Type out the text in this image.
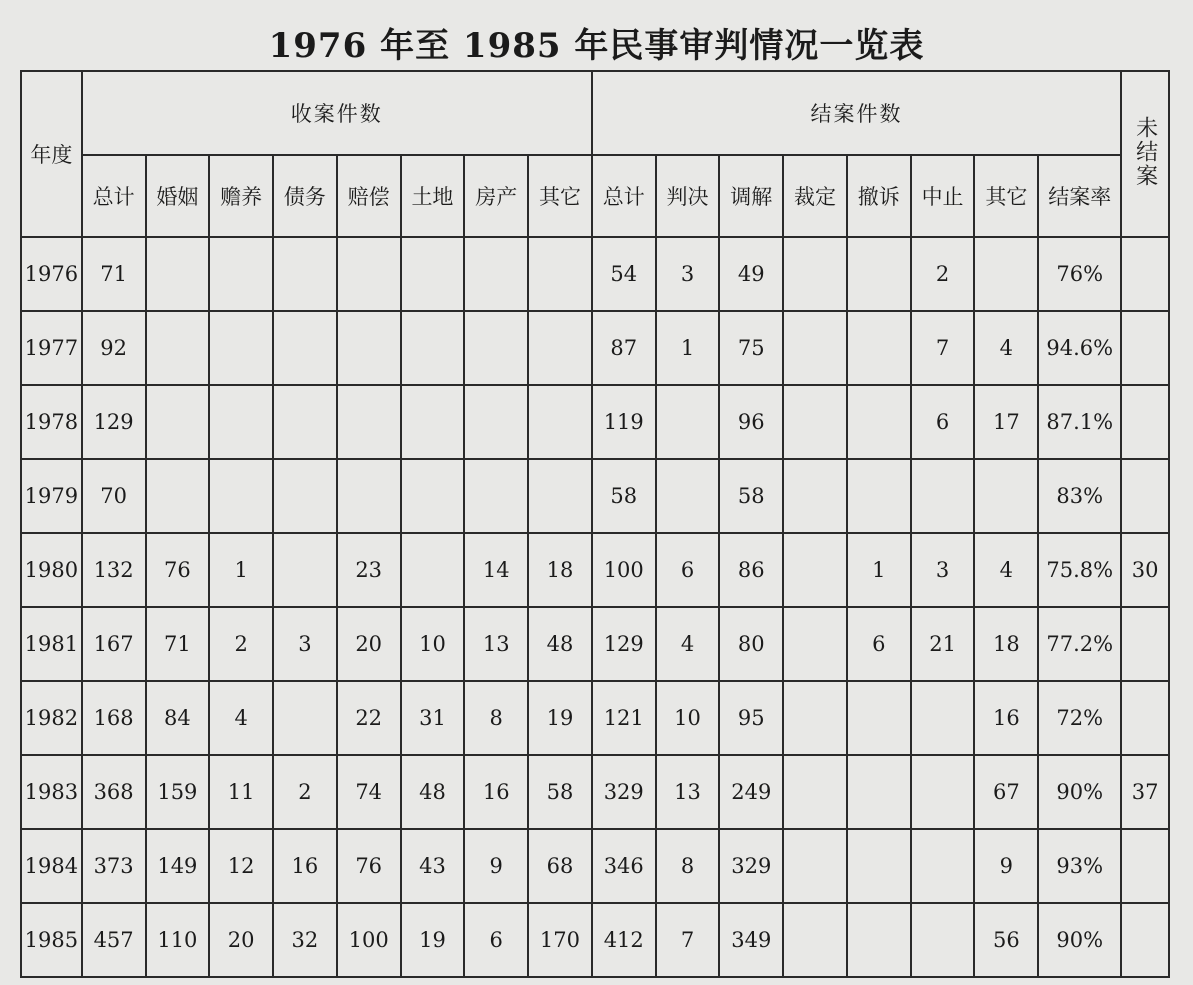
1976 年至 1985 年民事审判情况一览表
年度	收案件数								结案件数								未结案
	总计	婚姻	赡养	债务	赔偿	土地	房产	其它	总计	判决	调解	裁定	撤诉	中止	其它	结案率	
1976	71								54	3	49			2		76%	
1977	92								87	1	75			7	4	94.6%	
1978	129								119		96			6	17	87.1%	
1979	70								58		58					83%	
1980	132	76	1		23		14	18	100	6	86		1	3	4	75.8%	30
1981	167	71	2	3	20	10	13	48	129	4	80		6	21	18	77.2%	
1982	168	84	4		22	31	8	19	121	10	95				16	72%	
1983	368	159	11	2	74	48	16	58	329	13	249				67	90%	37
1984	373	149	12	16	76	43	9	68	346	8	329				9	93%	
1985	457	110	20	32	100	19	6	170	412	7	349				56	90%	
